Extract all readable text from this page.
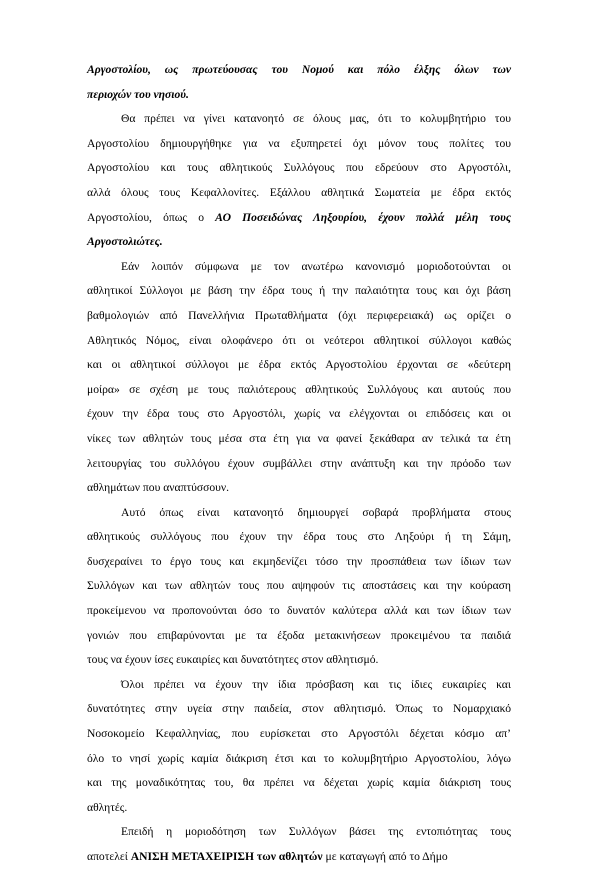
Αργοστολίου, ως πρωτεύουσας του Νομού και πόλο έλξης όλων των
περιοχών του νησιού.
Θα πρέπει να γίνει κατανοητό σε όλους μας, ότι το κολυμβητήριο του
Αργοστολίου δημιουργήθηκε για να εξυπηρετεί όχι μόνον τους πολίτες του
Αργοστολίου και τους αθλητικούς Συλλόγους που εδρεύουν στο Αργοστόλι,
αλλά όλους τους Κεφαλλονίτες. Εξάλλου αθλητικά Σωματεία με έδρα εκτός
Αργοστολίου, όπως ο ΑΟ Ποσειδώνας Ληξουρίου, έχουν πολλά μέλη τους
Αργοστολιώτες.
Εάν λοιπόν σύμφωνα με τον ανωτέρω κανονισμό μοριοδοτούνται οι
αθλητικοί Σύλλογοι με βάση την έδρα τους ή την παλαιότητα τους και όχι βάση
βαθμολογιών από Πανελλήνια Πρωταθλήματα (όχι περιφερειακά) ως ορίζει ο
Αθλητικός Νόμος, είναι ολοφάνερο ότι οι νεότεροι αθλητικοί σύλλογοι καθώς
και οι αθλητικοί σύλλογοι με έδρα εκτός Αργοστολίου έρχονται σε «δεύτερη
μοίρα» σε σχέση με τους παλιότερους αθλητικούς Συλλόγους και αυτούς που
έχουν την έδρα τους στο Αργοστόλι, χωρίς να ελέγχονται οι επιδόσεις και οι
νίκες των αθλητών τους μέσα στα έτη για να φανεί ξεκάθαρα αν τελικά τα έτη
λειτουργίας του συλλόγου έχουν συμβάλλει στην ανάπτυξη και την πρόοδο των
αθλημάτων που αναπτύσσουν.
Αυτό όπως είναι κατανοητό δημιουργεί σοβαρά προβλήματα στους
αθλητικούς συλλόγους που έχουν την έδρα τους στο Ληξούρι ή τη Σάμη,
δυσχεραίνει το έργο τους και εκμηδενίζει τόσο την προσπάθεια των ίδιων των
Συλλόγων και των αθλητών τους που αψηφούν τις αποστάσεις και την κούραση
προκείμενου να προπονούνται όσο το δυνατόν καλύτερα αλλά και των ίδιων των
γονιών που επιβαρύνονται με τα έξοδα μετακινήσεων προκειμένου τα παιδιά
τους να έχουν ίσες ευκαιρίες και δυνατότητες στον αθλητισμό.
Όλοι πρέπει να έχουν την ίδια πρόσβαση και τις ίδιες ευκαιρίες και
δυνατότητες στην υγεία στην παιδεία, στον αθλητισμό. Όπως το Νομαρχιακό
Νοσοκομείο Κεφαλληνίας, που ευρίσκεται στο Αργοστόλι δέχεται κόσμο απ’
όλο το νησί χωρίς καμία διάκριση έτσι και το κολυμβητήριο Αργοστολίου, λόγω
και της μοναδικότητας του, θα πρέπει να δέχεται χωρίς καμία διάκριση τους
αθλητές.
Επειδή η μοριοδότηση των Συλλόγων βάσει της εντοπιότητας τους
αποτελεί ΑΝΙΣΗ ΜΕΤΑΧΕΙΡΙΣΗ των αθλητών με καταγωγή από το Δήμο
